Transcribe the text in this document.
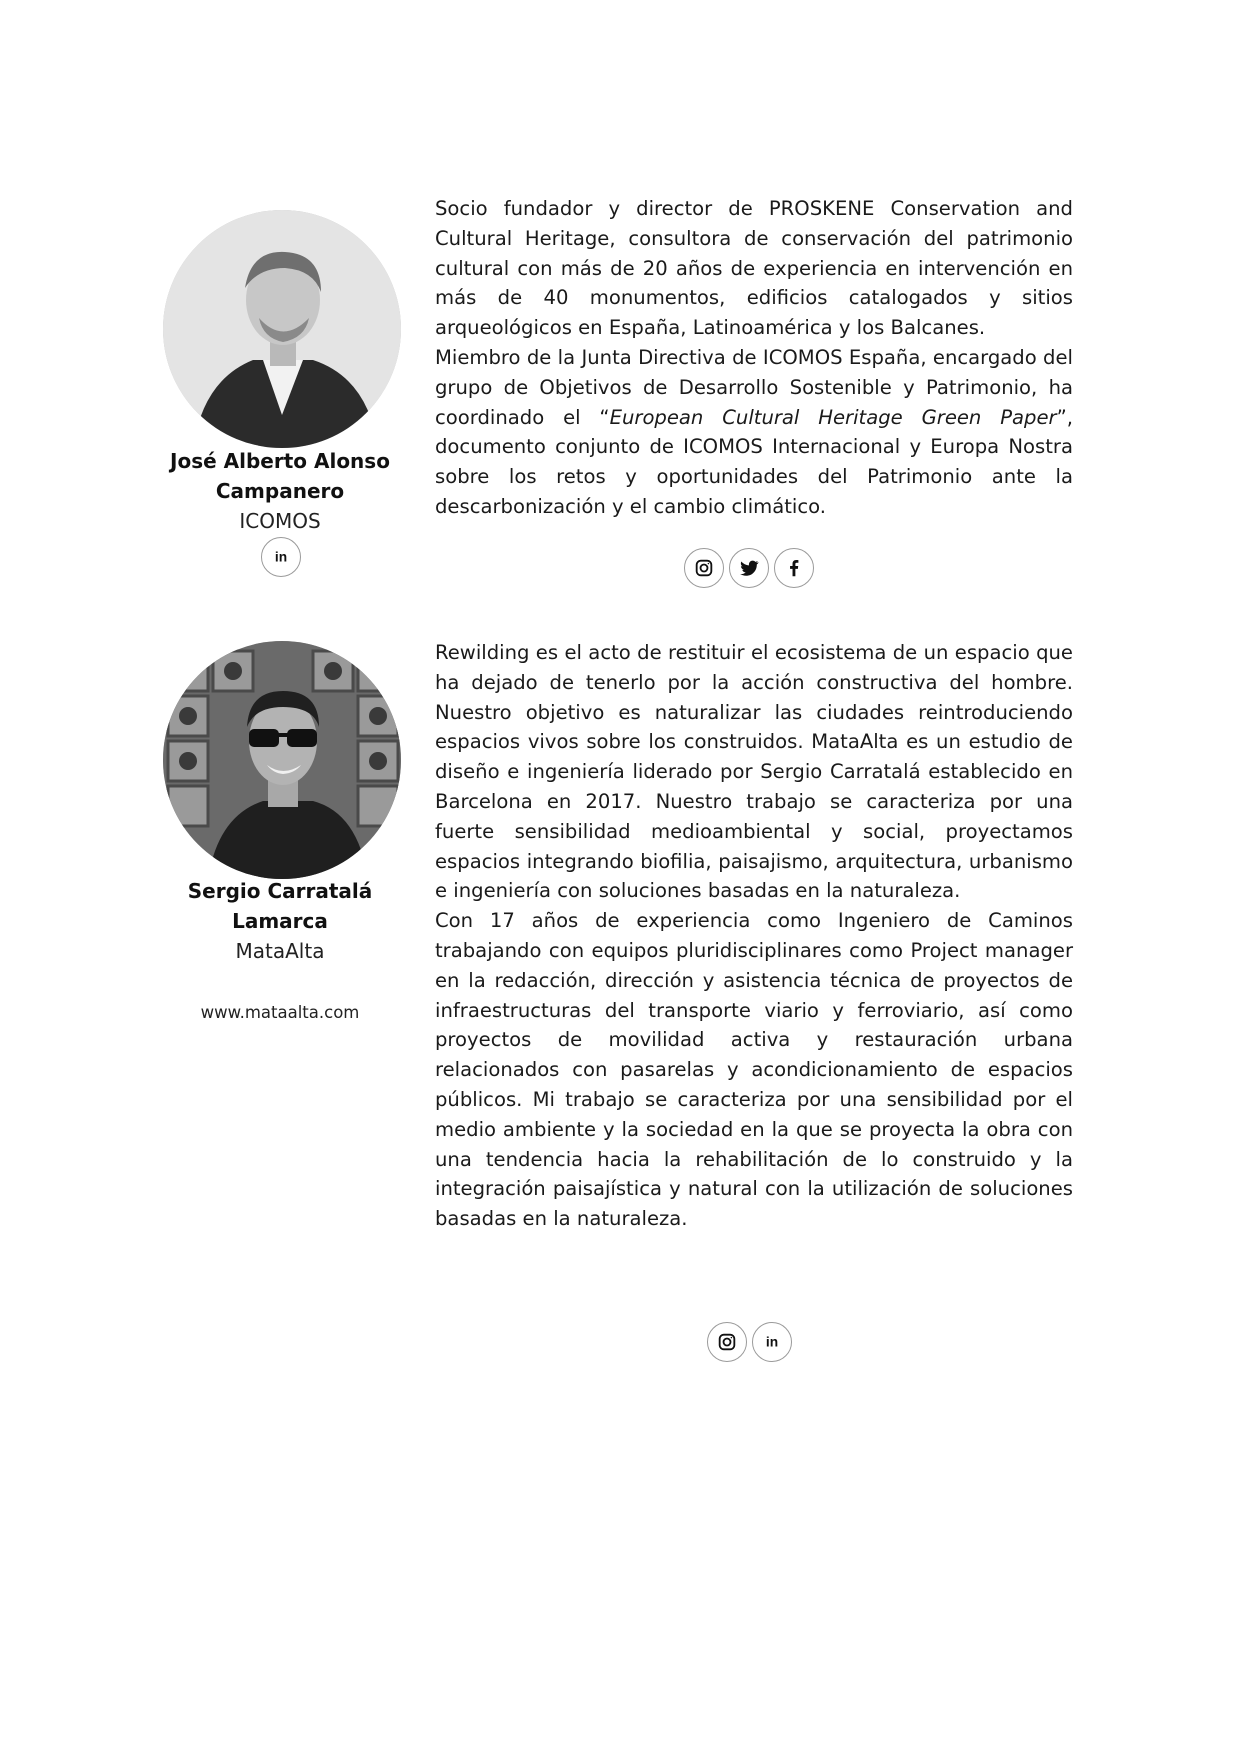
José Alberto Alonso
Campanero
ICOMOS
in

Socio fundador y director de PROSKENE Conservation and Cultural Heritage, consultora de conservación del patrimonio cultural con más de 20 años de experiencia en intervención en más de 40 monumentos, edificios catalogados y sitios arqueológicos en España, Latinoamérica y los Balcanes.

Miembro de la Junta Directiva de ICOMOS España, encargado del grupo de Objetivos de Desarrollo Sostenible y Patrimonio, ha coordinado el “European Cultural Heritage Green Paper”, documento conjunto de ICOMOS Internacional y Europa Nostra sobre los retos y oportunidades del Patrimonio ante la descarbonización y el cambio climático.

Sergio Carratalá
Lamarca
MataAlta
www.mataalta.com

Rewilding es el acto de restituir el ecosistema de un espacio que ha dejado de tenerlo por la acción constructiva del hombre. Nuestro objetivo es naturalizar las ciudades reintroduciendo espacios vivos sobre los construidos. MataAlta es un estudio de diseño e ingeniería liderado por Sergio Carratalá establecido en Barcelona en 2017. Nuestro trabajo se caracteriza por una fuerte sensibilidad medioambiental y social, proyectamos espacios integrando biofilia, paisajismo, arquitectura, urbanismo e ingeniería con soluciones basadas en la naturaleza.

Con 17 años de experiencia como Ingeniero de Caminos trabajando con equipos pluridisciplinares como Project manager en la redacción, dirección y asistencia técnica de proyectos de infraestructuras del transporte viario y ferroviario, así como proyectos de movilidad activa y restauración urbana relacionados con pasarelas y acondicionamiento de espacios públicos. Mi trabajo se caracteriza por una sensibilidad por el medio ambiente y la sociedad en la que se proyecta la obra con una tendencia hacia la rehabilitación de lo construido y la integración paisajística y natural con la utilización de soluciones basadas en la naturaleza.

in
